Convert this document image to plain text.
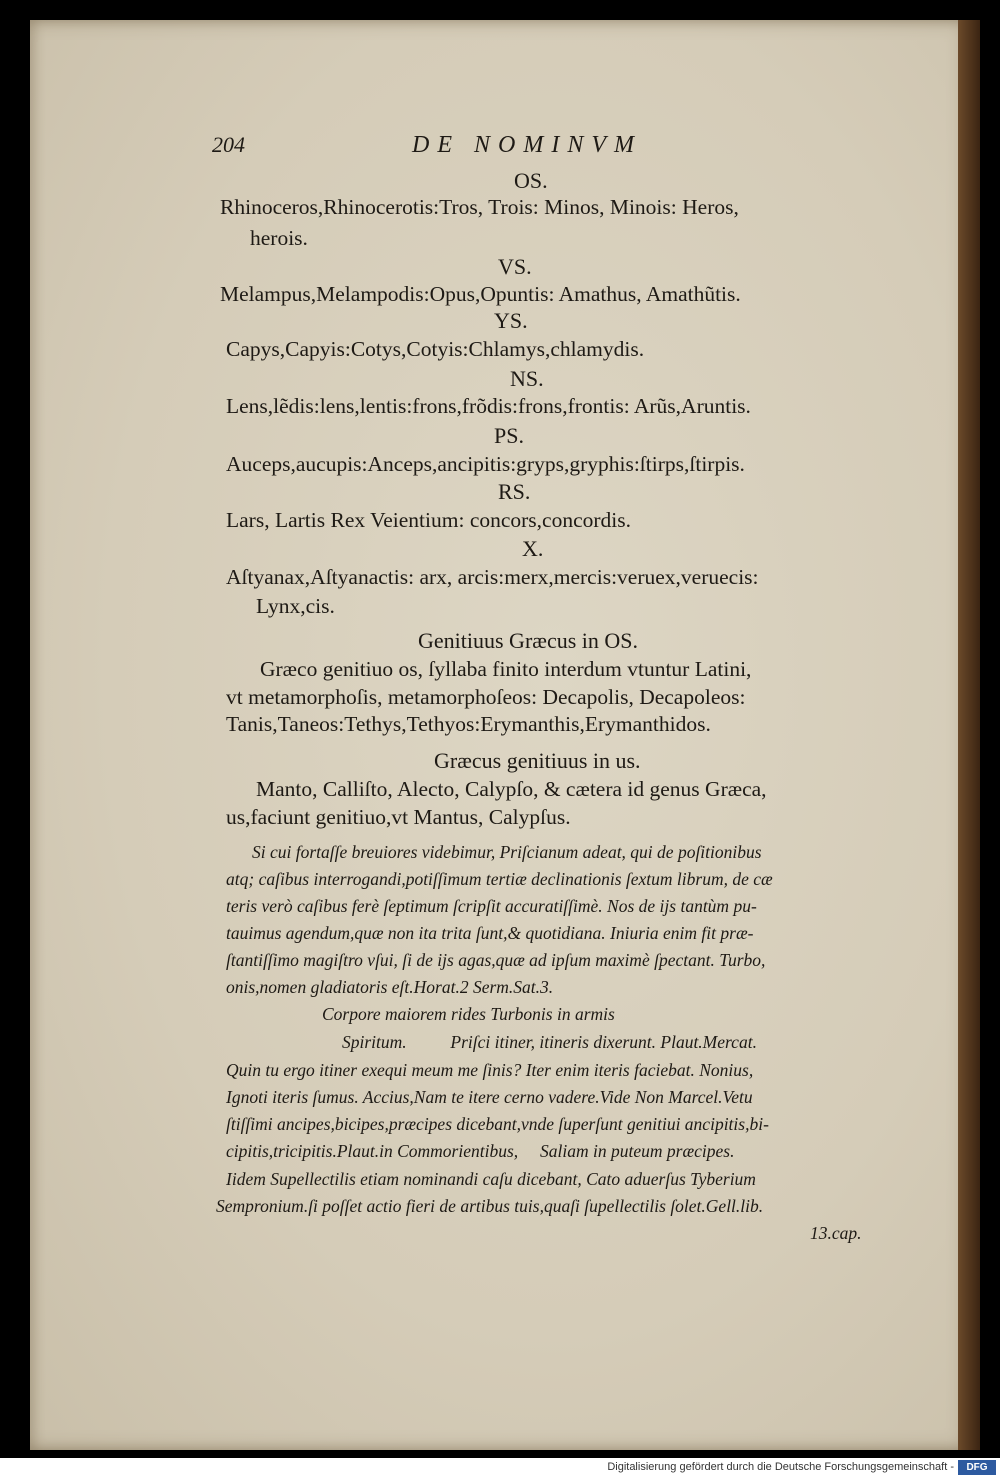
204	DE NOMINVM
OS.
Rhinoceros,Rhinocerotis:Tros, Trois: Minos, Minois: Heros,
herois.
VS.
Melampus,Melampodis:Opus,Opuntis: Amathus, Amathũtis.
YS.
Capys,Capyis:Cotys,Cotyis:Chlamys,chlamydis.
NS.
Lens,lẽdis:lens,lentis:frons,frõdis:frons,frontis: Arũs,Aruntis.
PS.
Auceps,aucupis:Anceps,ancipitis:gryps,gryphis:ſtirps,ſtirpis.
RS.
Lars, Lartis Rex Veientium: concors,concordis.
X.
Aſtyanax,Aſtyanactis: arx, arcis:merx,mercis:veruex,veruecis:
Lynx,cis.
Genitiuus Græcus in OS.
Græco genitiuo os, ſyllaba finito interdum vtuntur Latini,
vt metamorphoſis, metamorphoſeos: Decapolis, Decapoleos:
Tanis,Taneos:Tethys,Tethyos:Erymanthis,Erymanthidos.
Græcus genitiuus in us.
Manto, Calliſto, Alecto, Calypſo, & cætera id genus Græca,
us,faciunt genitiuo,vt Mantus, Calypſus.
Si cui fortaſſe breuiores videbimur, Priſcianum adeat, qui de poſitionibus
atq; caſibus interrogandi,potiſſimum tertiæ declinationis ſextum librum, de cæ
teris verò caſibus ferè ſeptimum ſcripſit accuratiſſimè. Nos de ijs tantùm pu-
tauimus agendum,quæ non ita trita ſunt,& quotidiana. Iniuria enim fit præ-
ſtantiſſimo magiſtro vſui, ſi de ijs agas,quæ ad ipſum maximè ſpectant. Turbo,
onis,nomen gladiatoris eſt.Horat.2 Serm.Sat.3.
Corpore maiorem rides Turbonis in armis
Spiritum.          Priſci itiner, itineris dixerunt. Plaut.Mercat.
Quin tu ergo itiner exequi meum me ſinis? Iter enim iteris faciebat. Nonius,
Ignoti iteris ſumus. Accius,Nam te itere cerno vadere.Vide Non Marcel.Vetu
ſtiſſimi ancipes,bicipes,præcipes dicebant,vnde ſuperſunt genitiui ancipitis,bi-
cipitis,tricipitis.Plaut.in Commorientibus,     Saliam in puteum præcipes.
Iidem Supellectilis etiam nominandi caſu dicebant, Cato aduerſus Tyberium
Sempronium.ſi poſſet actio fieri de artibus tuis,quaſi ſupellectilis ſolet.Gell.lib.
13.cap.
Digitalisierung gefördert durch die Deutsche Forschungsgemeinschaft -	DFG
